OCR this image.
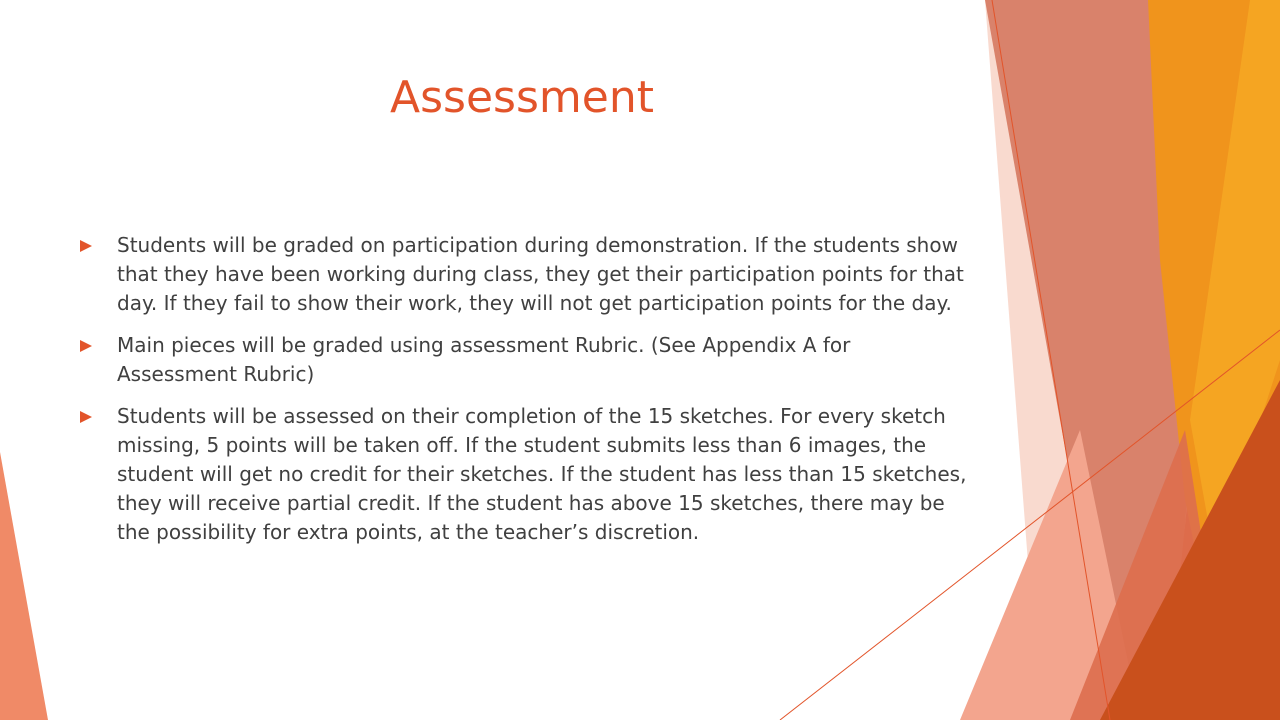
Assessment
Students will be graded on participation during demonstration. If the students show that they have been working during class, they get their participation points for that day. If they fail to show their work, they will not get participation points for the day.
Main pieces will be graded using assessment Rubric. (See Appendix A for Assessment Rubric)
Students will be assessed on their completion of the 15 sketches. For every sketch missing, 5 points will be taken off. If the student submits less than 6 images, the student will get no credit for their sketches. If the student has less than 15 sketches, they will receive partial credit. If the student has above 15 sketches, there may be the possibility for extra points, at the teacher’s discretion.
